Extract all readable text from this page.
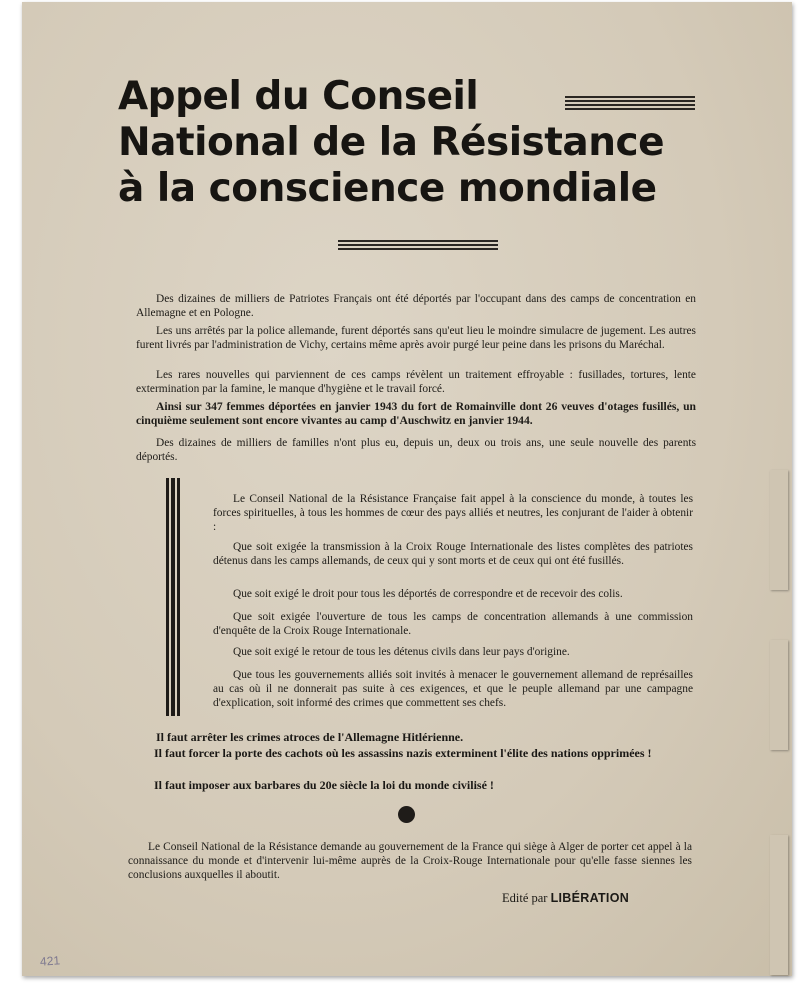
Appel du Conseil
National de la Résistance
à la conscience mondiale

Des dizaines de milliers de Patriotes Français ont été déportés par l'occupant dans des camps de concentration en Allemagne et en Pologne.

Les uns arrêtés par la police allemande, furent déportés sans qu'eut lieu le moindre simulacre de jugement. Les autres furent livrés par l'administration de Vichy, certains même après avoir purgé leur peine dans les prisons du Maréchal.

Les rares nouvelles qui parviennent de ces camps révèlent un traitement effroyable : fusillades, tortures, lente extermination par la famine, le manque d'hygiène et le travail forcé.

Ainsi sur 347 femmes déportées en janvier 1943 du fort de Romainville dont 26 veuves d'otages fusillés, un cinquième seulement sont encore vivantes au camp d'Auschwitz en janvier 1944.

Des dizaines de milliers de familles n'ont plus eu, depuis un, deux ou trois ans, une seule nouvelle des parents déportés.

Le Conseil National de la Résistance Française fait appel à la conscience du monde, à toutes les forces spirituelles, à tous les hommes de cœur des pays alliés et neutres, les conjurant de l'aider à obtenir :

Que soit exigée la transmission à la Croix Rouge Internationale des listes complètes des patriotes détenus dans les camps allemands, de ceux qui y sont morts et de ceux qui ont été fusillés.

Que soit exigé le droit pour tous les déportés de correspondre et de recevoir des colis.

Que soit exigée l'ouverture de tous les camps de concentration allemands à une commission d'enquête de la Croix Rouge Internationale.

Que soit exigé le retour de tous les détenus civils dans leur pays d'origine.

Que tous les gouvernements alliés soit invités à menacer le gouvernement allemand de représailles au cas où il ne donnerait pas suite à ces exigences, et que le peuple allemand par une campagne d'explication, soit informé des crimes que commettent ses chefs.

Il faut arrêter les crimes atroces de l'Allemagne Hitlérienne.

Il faut forcer la porte des cachots où les assassins nazis exterminent l'élite des nations opprimées !

Il faut imposer aux barbares du 20e siècle la loi du monde civilisé !

Le Conseil National de la Résistance demande au gouvernement de la France qui siège à Alger de porter cet appel à la connaissance du monde et d'intervenir lui-même auprès de la Croix-Rouge Internationale pour qu'elle fasse siennes les conclusions auxquelles il aboutit.

Edité par LIBÉRATION

421
